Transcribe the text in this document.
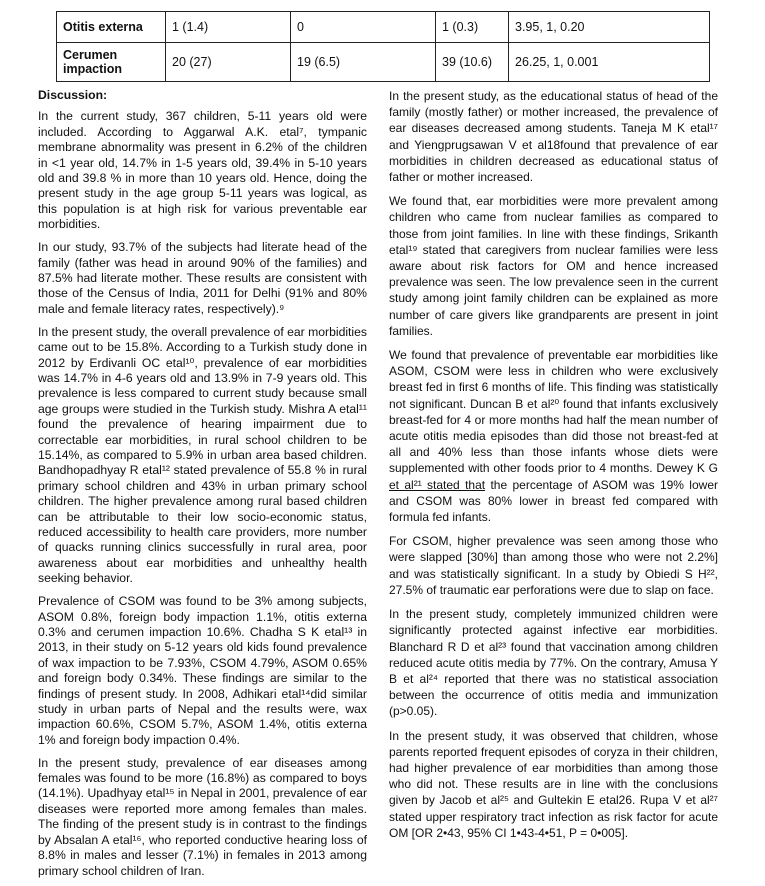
Otitis externa	1 (1.4)	0	1 (0.3)	3.95, 1, 0.20
Cerumen impaction	20 (27)	19 (6.5)	39 (10.6)	26.25, 1, 0.001
Discussion:

In the current study, 367 children, 5-11 years old were included. According to Aggarwal A.K. etal⁷, tympanic membrane abnormality was present in 6.2% of the children in <1 year old, 14.7% in 1-5 years old, 39.4% in 5-10 years old and 39.8 % in more than 10 years old. Hence, doing the present study in the age group 5-11 years was logical, as this population is at high risk for various preventable ear morbidities.

In our study, 93.7% of the subjects had literate head of the family (father was head in around 90% of the families) and 87.5% had literate mother. These results are consistent with those of the Census of India, 2011 for Delhi (91% and 80% male and female literacy rates, respectively).⁹

In the present study, the overall prevalence of ear morbidities came out to be 15.8%. According to a Turkish study done in 2012 by Erdivanli OC etal¹⁰, prevalence of ear morbidities was 14.7% in 4-6 years old and 13.9% in 7-9 years old. This prevalence is less compared to current study because small age groups were studied in the Turkish study. Mishra A etal¹¹ found the prevalence of hearing impairment due to correctable ear morbidities, in rural school children to be 15.14%, as compared to 5.9% in urban area based children. Bandhopadhyay R etal¹² stated prevalence of 55.8 % in rural primary school children and 43% in urban primary school children. The higher prevalence among rural based children can be attributable to their low socio-economic status, reduced accessibility to health care providers, more number of quacks running clinics successfully in rural area, poor awareness about ear morbidities and unhealthy health seeking behavior.

Prevalence of CSOM was found to be 3% among subjects, ASOM 0.8%, foreign body impaction 1.1%, otitis externa 0.3% and cerumen impaction 10.6%. Chadha S K etal¹³ in 2013, in their study on 5-12 years old kids found prevalence of wax impaction to be 7.93%, CSOM 4.79%, ASOM 0.65% and foreign body 0.34%. These findings are similar to the findings of present study. In 2008, Adhikari etal¹⁴did similar study in urban parts of Nepal and the results were, wax impaction 60.6%, CSOM 5.7%, ASOM 1.4%, otitis externa 1% and foreign body impaction 0.4%.

In the present study, prevalence of ear diseases among females was found to be more (16.8%) as compared to boys (14.1%). Upadhyay etal¹⁵ in Nepal in 2001, prevalence of ear diseases were reported more among females than males. The finding of the present study is in contrast to the findings by Absalan A etal¹⁶, who reported conductive hearing loss of 8.8% in males and lesser (7.1%) in females in 2013 among primary school children of Iran.

In the present study, as the educational status of head of the family (mostly father) or mother increased, the prevalence of ear diseases decreased among students. Taneja M K etal¹⁷ and Yiengprugsawan V et al18found that prevalence of ear morbidities in children decreased as educational status of father or mother increased.

We found that, ear morbidities were more prevalent among children who came from nuclear families as compared to those from joint families. In line with these findings, Srikanth etal¹⁹ stated that caregivers from nuclear families were less aware about risk factors for OM and hence increased prevalence was seen. The low prevalence seen in the current study among joint family children can be explained as more number of care givers like grandparents are present in joint families.

We found that prevalence of preventable ear morbidities like ASOM, CSOM were less in children who were exclusively breast fed in first 6 months of life. This finding was statistically not significant. Duncan B et al²⁰ found that infants exclusively breast-fed for 4 or more months had half the mean number of acute otitis media episodes than did those not breast-fed at all and 40% less than those infants whose diets were supplemented with other foods prior to 4 months. Dewey K G et al²¹ stated that the percentage of ASOM was 19% lower and CSOM was 80% lower in breast fed compared with formula fed infants.

For CSOM, higher prevalence was seen among those who were slapped [30%] than among those who were not 2.2%] and was statistically significant. In a study by Obiedi S H²², 27.5% of traumatic ear perforations were due to slap on face.

In the present study, completely immunized children were significantly protected against infective ear morbidities. Blanchard R D et al²³ found that vaccination among children reduced acute otitis media by 77%. On the contrary, Amusa Y B et al²⁴ reported that there was no statistical association between the occurrence of otitis media and immunization (p>0.05).

In the present study, it was observed that children, whose parents reported frequent episodes of coryza in their children, had higher prevalence of ear morbidities than among those who did not. These results are in line with the conclusions given by Jacob et al²⁵ and Gultekin E etal26. Rupa V et al²⁷ stated upper respiratory tract infection as risk factor for acute OM [OR 2•43, 95% CI 1•43-4•51, P = 0•005].
